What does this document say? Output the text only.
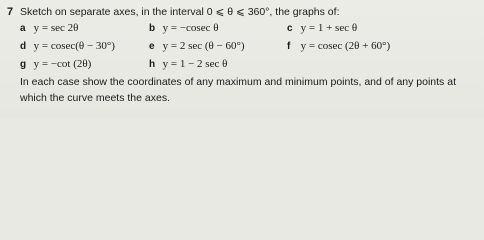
7 Sketch on separate axes, in the interval 0 ⩽ θ ⩽ 360°, the graphs of:
a y = sec 2θ	b y = −cosec θ	c y = 1 + sec θ
d y = cosec(θ − 30°)	e y = 2 sec (θ − 60°)	f y = cosec (2θ + 60°)
g y = −cot (2θ)	h y = 1 − 2 sec θ
In each case show the coordinates of any maximum and minimum points, and of any points at
which the curve meets the axes.
